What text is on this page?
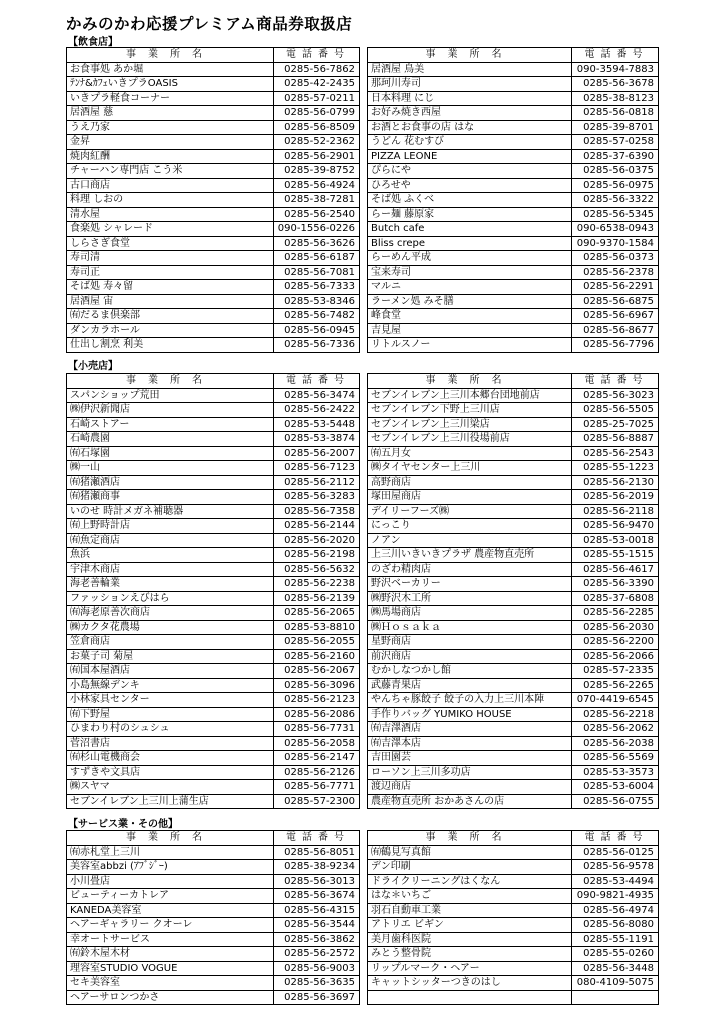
かみのかわ応援プレミアム商品券取扱店
【飲食店】
事業所名	電話番号
お食事処 あか堀	0285-56-7862
ﾃﾝﾅ&ｶﾌｪいきプラOASIS	0285-42-2435
いきプラ軽食コーナー	0285-57-0211
居酒屋 慈	0285-56-0799
うえ乃家	0285-56-8509
金昇	0285-52-2362
焼肉紅酬	0285-56-2901
チャーハン専門店 こう米	0285-39-8752
古口商店	0285-56-4924
料理 しおの	0285-38-7281
清水屋	0285-56-2540
食楽処 シャレード	090-1556-0226
しらさぎ食堂	0285-56-3626
寿司清	0285-56-6187
寿司正	0285-56-7081
そば処 寿々留	0285-56-7333
居酒屋 宙	0285-53-8346
㈲だるま倶楽部	0285-56-7482
ダンカラホール	0285-56-0945
仕出し割烹 利美	0285-56-7336
事業所名	電話番号
居酒屋 鳥美	090-3594-7883
那珂川寿司	0285-56-3678
日本料理 にじ	0285-38-8123
お好み焼き西屋	0285-56-0818
お酒とお食事の店 はな	0285-39-8701
うどん 花むすび	0285-57-0258
PIZZA LEONE	0285-37-6390
ぴらにや	0285-56-0375
ひろせや	0285-56-0975
そば処 ふくべ	0285-56-3322
らー麺 藤原家	0285-56-5345
Butch cafe	090-6538-0943
Bliss crepe	090-9370-1584
らーめん平成	0285-56-0373
宝来寿司	0285-56-2378
マルニ	0285-56-2291
ラーメン処 みそ膳	0285-56-6875
峰食堂	0285-56-6967
吉見屋	0285-56-8677
リトルスノー	0285-56-7796
【小売店】
事業所名	電話番号
スパンショップ荒田	0285-56-3474
㈱伊沢新聞店	0285-56-2422
石崎ストアー	0285-53-5448
石崎農園	0285-53-3874
㈲石塚園	0285-56-2007
㈱一山	0285-56-7123
㈲猪瀬酒店	0285-56-2112
㈲猪瀬商事	0285-56-3283
いのせ 時計メガネ補聴器	0285-56-7358
㈲上野時計店	0285-56-2144
㈲魚定商店	0285-56-2020
魚浜	0285-56-2198
宇津木商店	0285-56-5632
海老善輪業	0285-56-2238
ファッションえびはら	0285-56-2139
㈲海老原善次商店	0285-56-2065
㈱カクタ花農場	0285-53-8810
笠倉商店	0285-56-2055
お菓子司 菊屋	0285-56-2160
㈲国本屋酒店	0285-56-2067
小島無線デンキ	0285-56-3096
小林家具センター	0285-56-2123
㈲下野屋	0285-56-2086
ひまわり村のシュシュ	0285-56-7731
菅沼書店	0285-56-2058
㈲杉山電機商会	0285-56-2147
すずきや文具店	0285-56-2126
㈱スヤマ	0285-56-7771
セブンイレブン上三川上蒲生店	0285-57-2300
事業所名	電話番号
セブンイレブン上三川本郷台団地前店	0285-56-3023
セブンイレブン下野上三川店	0285-56-5505
セブンイレブン上三川梁店	0285-25-7025
セブンイレブン上三川役場前店	0285-56-8887
㈲五月女	0285-56-2543
㈱タイヤセンター上三川	0285-55-1223
高野商店	0285-56-2130
塚田屋商店	0285-56-2019
デイリーフーズ㈱	0285-56-2118
にっこり	0285-56-9470
ノアン	0285-53-0018
上三川いきいきプラザ 農産物直売所	0285-55-1515
のざわ精肉店	0285-56-4617
野沢ベーカリー	0285-56-3390
㈱野沢木工所	0285-37-6808
㈱馬場商店	0285-56-2285
㈱Ｈｏｓａｋａ	0285-56-2030
星野商店	0285-56-2200
前沢商店	0285-56-2066
むかしなつかし館	0285-57-2335
武藤青果店	0285-56-2265
やんちゃ豚餃子 餃子の入力上三川本陣	070-4419-6545
手作りバッグ YUMIKO HOUSE	0285-56-2218
㈲吉澤酒店	0285-56-2062
㈲吉澤本店	0285-56-2038
吉田園芸	0285-56-5569
ローソン上三川多功店	0285-53-3573
渡辺商店	0285-53-6004
農産物直売所 おかあさんの店	0285-56-0755
【サービス業・その他】
事業所名	電話番号
㈲赤札堂上三川	0285-56-8051
美容室abbzi (ｱﾌﾞｼﾞｰ)	0285-38-9234
小川畳店	0285-56-3013
ビューティーカトレア	0285-56-3674
KANEDA美容室	0285-56-4315
ヘアーギャラリー クオーレ	0285-56-3544
幸オートサービス	0285-56-3862
㈲鈴木屋木材	0285-56-2572
理容室STUDIO VOGUE	0285-56-9003
セキ美容室	0285-56-3635
ヘアーサロンつかさ	0285-56-3697
事業所名	電話番号
㈲鶴見写真館	0285-56-0125
デン印刷	0285-56-9578
ドライクリーニングはくなん	0285-53-4494
はな＊いちご	090-9821-4935
羽石自動車工業	0285-56-4974
アトリエ ビギン	0285-56-8080
美月歯科医院	0285-55-1191
みとう整骨院	0285-55-0260
リップルマーク・ヘアー	0285-56-3448
キャットシッターつきのはし	080-4109-5075
